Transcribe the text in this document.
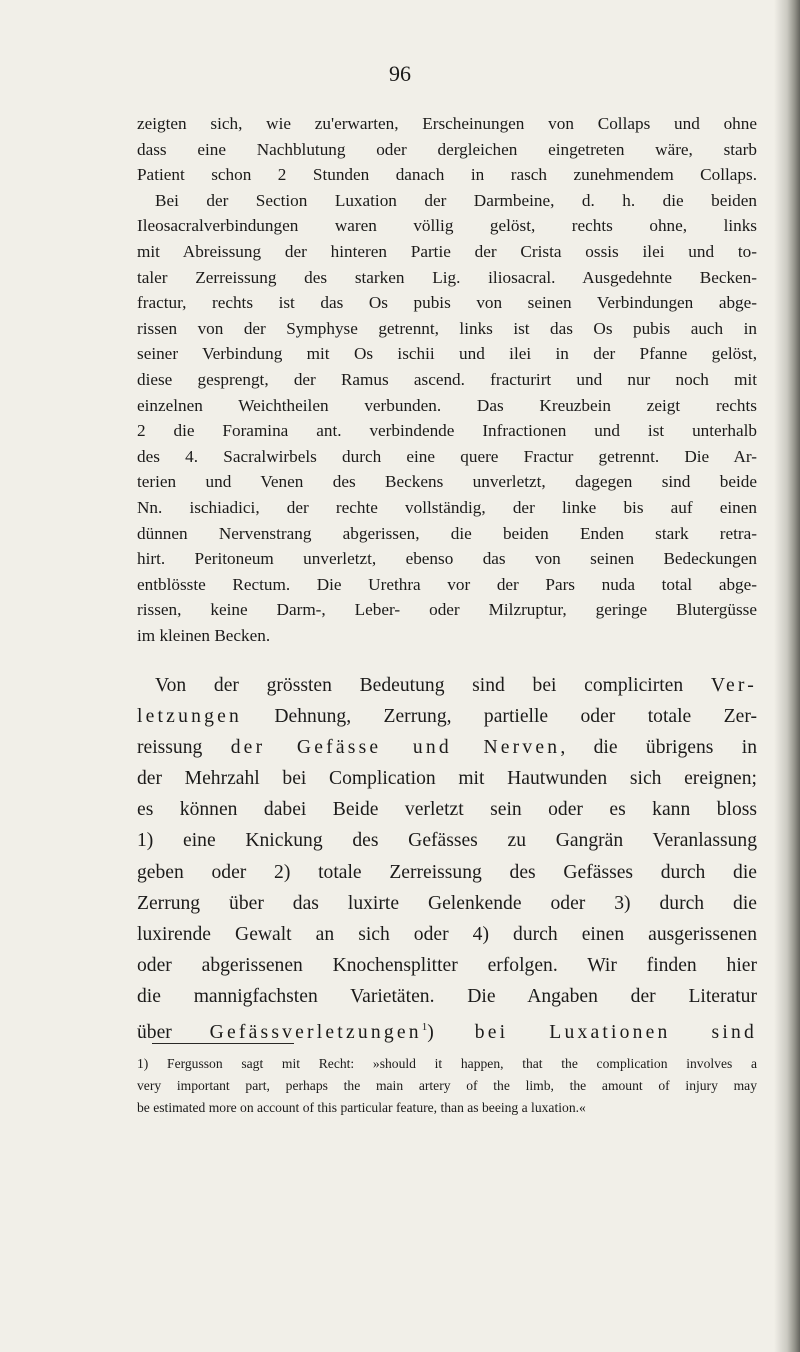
96
zeigten sich, wie zu'erwarten, Erscheinungen von Collaps und ohne
dass eine Nachblutung oder dergleichen eingetreten wäre, starb
Patient schon 2 Stunden danach in rasch zunehmendem Collaps.
Bei der Section Luxation der Darmbeine, d. h. die beiden
Ileosacralverbindungen waren völlig gelöst, rechts ohne, links
mit Abreissung der hinteren Partie der Crista ossis ilei und to-
taler Zerreissung des starken Lig. iliosacral. Ausgedehnte Becken-
fractur, rechts ist das Os pubis von seinen Verbindungen abge-
rissen von der Symphyse getrennt, links ist das Os pubis auch in
seiner Verbindung mit Os ischii und ilei in der Pfanne gelöst,
diese gesprengt, der Ramus ascend. fracturirt und nur noch mit
einzelnen Weichtheilen verbunden. Das Kreuzbein zeigt rechts
2 die Foramina ant. verbindende Infractionen und ist unterhalb
des 4. Sacralwirbels durch eine quere Fractur getrennt. Die Ar-
terien und Venen des Beckens unverletzt, dagegen sind beide
Nn. ischiadici, der rechte vollständig, der linke bis auf einen
dünnen Nervenstrang abgerissen, die beiden Enden stark retra-
hirt. Peritoneum unverletzt, ebenso das von seinen Bedeckungen
entblösste Rectum. Die Urethra vor der Pars nuda total abge-
rissen, keine Darm-, Leber- oder Milzruptur, geringe Blutergüsse
im kleinen Becken.
Von der grössten Bedeutung sind bei complicirten Ver-
letzungen Dehnung, Zerrung, partielle oder totale Zer-
reissung der Gefässe und Nerven, die übrigens in
der Mehrzahl bei Complication mit Hautwunden sich ereignen;
es können dabei Beide verletzt sein oder es kann bloss
1) eine Knickung des Gefässes zu Gangrän Veranlassung
geben oder 2) totale Zerreissung des Gefässes durch die
Zerrung über das luxirte Gelenkende oder 3) durch die
luxirende Gewalt an sich oder 4) durch einen ausgerissenen
oder abgerissenen Knochensplitter erfolgen. Wir finden hier
die mannigfachsten Varietäten. Die Angaben der Literatur
über Gefässverletzungen$^1$) bei Luxationen sind
1) Fergusson sagt mit Recht: »should it happen, that the complication involves a
very important part, perhaps the main artery of the limb, the amount of injury may
be estimated more on account of this particular feature, than as beeing a luxation.«
